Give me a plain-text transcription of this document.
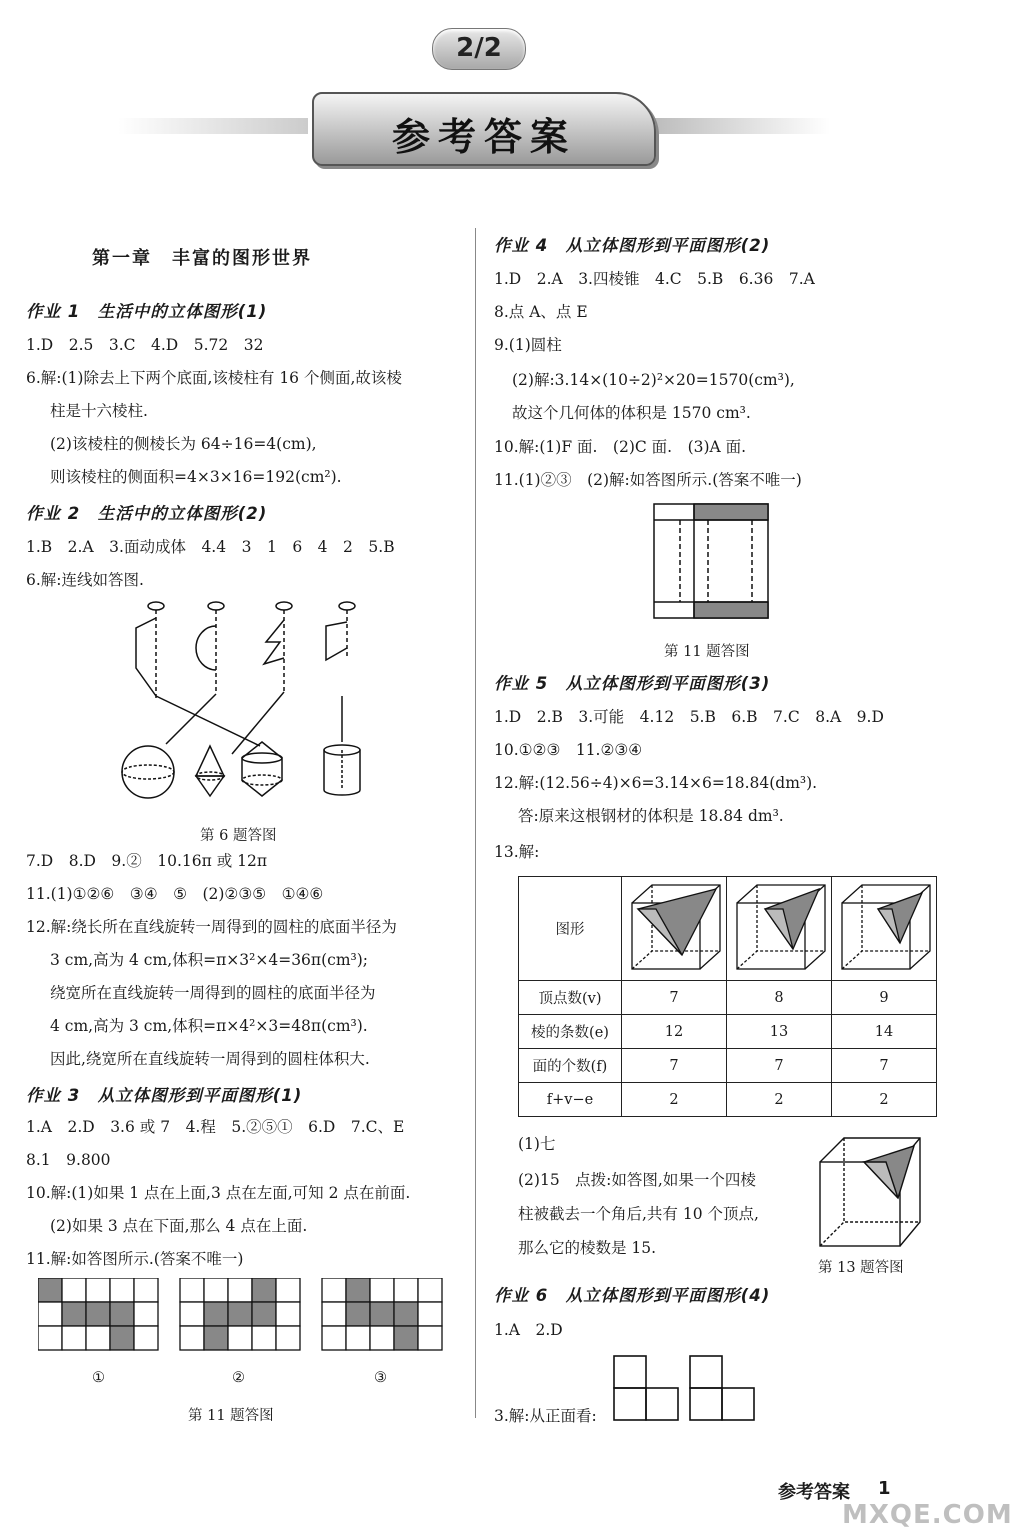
2/2
参考答案
第一章　丰富的图形世界
作业 1　生活中的立体图形(1)
1.D　2.5　3.C　4.D　5.72　32
6.解:(1)除去上下两个底面,该棱柱有 16 个侧面,故该棱
柱是十六棱柱.
(2)该棱柱的侧棱长为 64÷16=4(cm),
则该棱柱的侧面积=4×3×16=192(cm²).
作业 2　生活中的立体图形(2)
1.B　2.A　3.面动成体　4.4　3　1　6　4　2　5.B
6.解:连线如答图.
第 6 题答图
7.D　8.D　9.②　10.16π 或 12π
11.(1)①②⑥　③④　⑤　(2)②③⑤　①④⑥
12.解:绕长所在直线旋转一周得到的圆柱的底面半径为
3 cm,高为 4 cm,体积=π×3²×4=36π(cm³);
绕宽所在直线旋转一周得到的圆柱的底面半径为
4 cm,高为 3 cm,体积=π×4²×3=48π(cm³).
因此,绕宽所在直线旋转一周得到的圆柱体积大.
作业 3　从立体图形到平面图形(1)
1.A　2.D　3.6 或 7　4.程　5.②⑤①　6.D　7.C、E
8.1　9.800
10.解:(1)如果 1 点在上面,3 点在左面,可知 2 点在前面.
(2)如果 3 点在下面,那么 4 点在上面.
11.解:如答图所示.(答案不唯一)
①	②	③
第 11 题答图
作业 4　从立体图形到平面图形(2)
1.D　2.A　3.四棱锥　4.C　5.B　6.36　7.A
8.点 A、点 E
9.(1)圆柱
(2)解:3.14×(10÷2)²×20=1570(cm³),
故这个几何体的体积是 1570 cm³.
10.解:(1)F 面.　(2)C 面.　(3)A 面.
11.(1)②③　(2)解:如答图所示.(答案不唯一)
第 11 题答图
作业 5　从立体图形到平面图形(3)
1.D　2.B　3.可能　4.12　5.B　6.B　7.C　8.A　9.D
10.①②③　11.②③④
12.解:(12.56÷4)×6=3.14×6=18.84(dm³).
答:原来这根钢材的体积是 18.84 dm³.
13.解:
图形			
顶点数(v)	7	8	9
棱的条数(e)	12	13	14
面的个数(f)	7	7	7
f+v−e	2	2	2
(1)七
(2)15　点拨:如答图,如果一个四棱
柱被截去一个角后,共有 10 个顶点,
那么它的棱数是 15.
第 13 题答图
作业 6　从立体图形到平面图形(4)
1.A　2.D
3.解:从正面看:
参考答案 1
MXQE.COM
